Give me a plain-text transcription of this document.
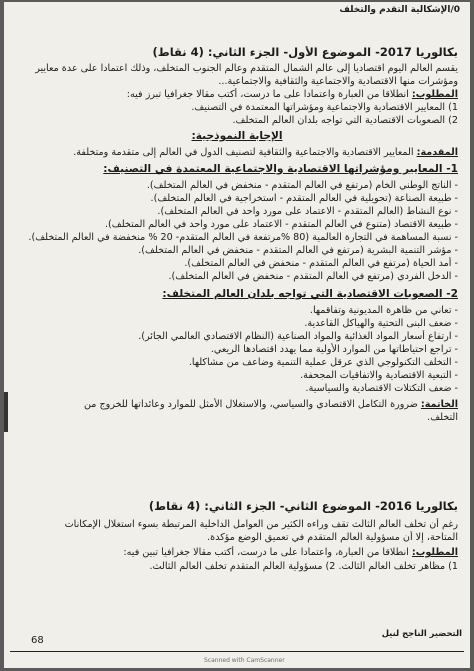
0/الإشكالية التقدم والتخلف
بكالوريا 2017- الموضوع الأول- الجزء الثاني: (4 نقاط)
يقسم العالم اليوم اقتصاديا إلى عالم الشمال المتقدم وعالم الجنوب المتخلف، وذلك اعتمادا على عدة معايير
ومؤشرات منها الاقتصادية والاجتماعية والثقافية والاجتماعية...
المطلوب: انطلاقا من العبارة واعتمادا على ما درست، أكتب مقالا جغرافيا تبرز فيه:
1) المعايير الاقتصادية والاجتماعية ومؤشراتها المعتمدة في التصنيف.
2) الصعوبات الاقتصادية التي تواجه بلدان العالم المتخلف.
الإجابة النموذجية:
المقدمة: المعايير الاقتصادية والاجتماعية والثقافية لتصنيف الدول في العالم إلى متقدمة ومتخلفة.
1- المعايير ومؤشراتها الاقتصادية والاجتماعية المعتمدة في التصنيف:
- الناتج الوطني الخام (مرتفع في العالم المتقدم - منخفض في العالم المتخلف).
- طبيعة الصناعة (تحويلية في العالم المتقدم - استخراجية في العالم المتخلف).
- نوع النشاط (العالم المتقدم - الاعتماد على مورد واحد في العالم المتخلف).
- طبيعة الاقتصاد (متنوع في العالم المتقدم - الاعتماد على مورد واحد في العالم المتخلف).
- نسبة المساهمة في التجارة العالمية (80 %مرتفعة في العالم المتقدم- 20 % منخفضة في العالم المتخلف).
- مؤشر التنمية البشرية (مرتفع في العالم المتقدم - منخفض في العالم المتخلف).
- أمد الحياة (مرتفع في العالم المتقدم - منخفض في العالم المتخلف).
- الدخل الفردي (مرتفع في العالم المتقدم - منخفض في العالم المتخلف).
2- الصعوبات الاقتصادية التي تواجه بلدان العالم المتخلف:
- تعاني من ظاهرة المديونية وتفاقمها.
- ضعف البنى التحتية والهياكل القاعدية.
- ارتفاع أسعار المواد الغذائية والمواد الصناعية (النظام الاقتصادي العالمي الجائر).
- تراجع احتياطاتها من الموارد الأولية مما يهدد اقتصادها الريعي.
- التخلف التكنولوجي الذي عرقل عملية التنمية وضاعف من مشاكلها.
- التبعية الاقتصادية والاتفاقيات المجحفة.
- ضعف التكتلات الاقتصادية والسياسية.
الخاتمة: ضرورة التكامل الاقتصادي والسياسي، والاستغلال الأمثل للموارد وعائداتها للخروج من
التخلف.
بكالوريا 2016- الموضوع الثاني- الجزء الثاني: (4 نقاط)
رغم أن تخلف العالم الثالث تقف وراءه الكثير من العوامل الداخلية المرتبطة بسوء استغلال الإمكانات
المتاحة، إلا أن مسؤولية العالم المتقدم في تعميق الوضع مؤكدة.
المطلوب: انطلاقا من العبارة، واعتمادا على ما درست، أكتب مقالا جغرافيا تبين فيه:
1) مظاهر تخلف العالم الثالث. 2) مسؤولية العالم المتقدم تخلف العالم الثالث.
68
التحضير الناجح لنيل
Scanned with CamScanner
